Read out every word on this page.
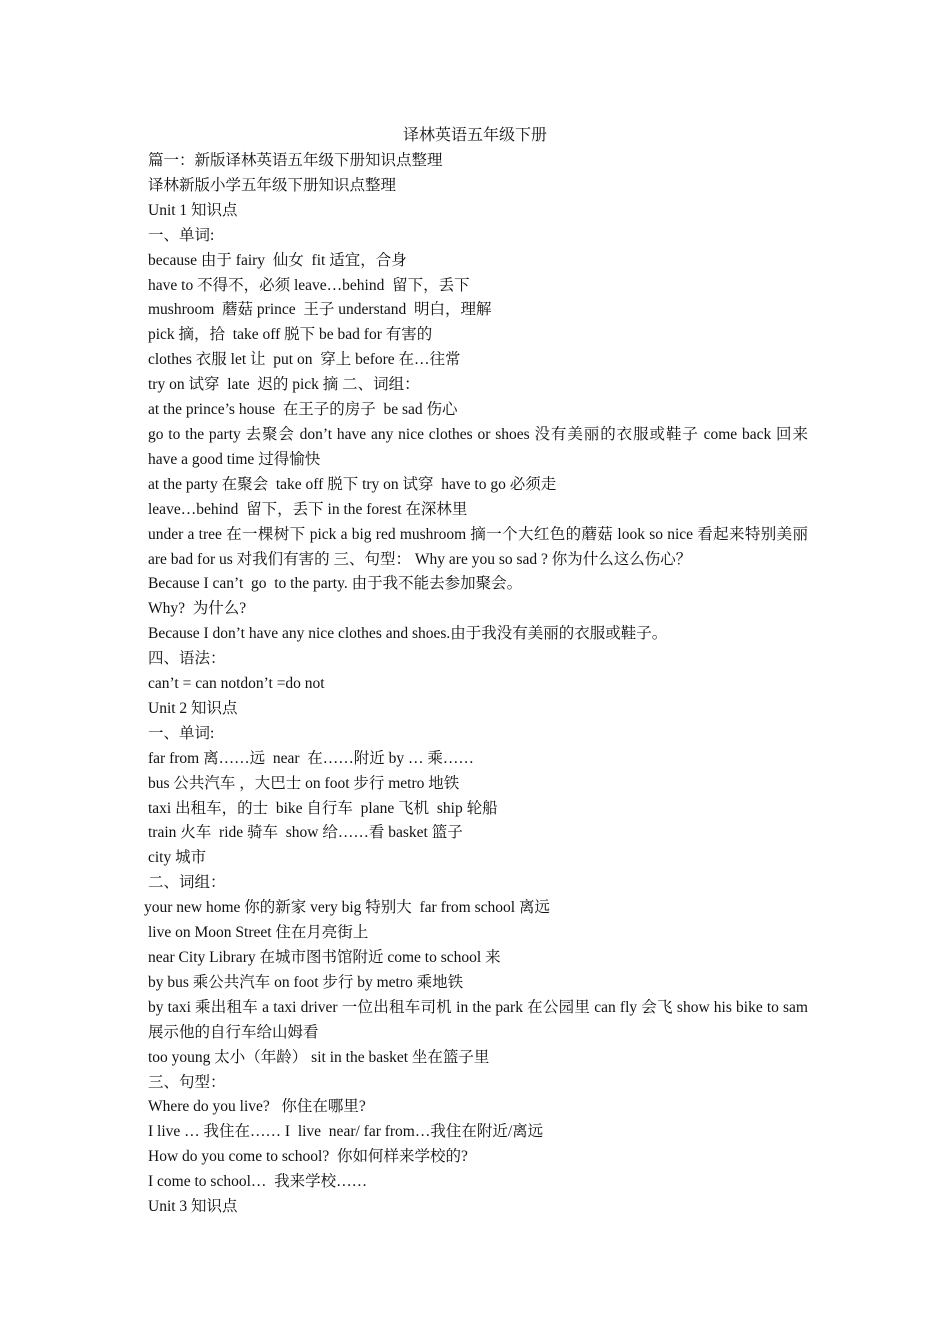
译林英语五年级下册

篇一：新版译林英语五年级下册知识点整理

译林新版小学五年级下册知识点整理

Unit 1 知识点

一、单词:

because 由于 fairy  仙女  fit 适宜，合身

have to 不得不，必须 leave…behind  留下，丢下

mushroom  蘑菇 prince  王子 understand  明白，理解

pick 摘，拾  take off 脱下 be bad for 有害的

clothes 衣服 let 让  put on  穿上 before 在…往常

try on 试穿  late  迟的 pick 摘 二、词组：

at the prince’s house  在王子的房子  be sad 伤心

go to the party 去聚会 don’t have any nice clothes or shoes 没有美丽的衣服或鞋子 come back 回来 have a good time 过得愉快

at the party 在聚会  take off 脱下 try on 试穿  have to go 必须走

leave…behind  留下，丢下 in the forest 在深林里

under a tree 在一棵树下 pick a big red mushroom 摘一个大红色的蘑菇 look so nice 看起来特别美丽 are bad for us 对我们有害的 三、句型： Why are you so sad ? 你为什么这么伤心？

Because I can’t  go  to the party. 由于我不能去参加聚会。

Why?  为什么?

Because I don’t have any nice clothes and shoes.由于我没有美丽的衣服或鞋子。

四、语法：

can’t = can notdon’t =do not

Unit 2 知识点

一、单词:

far from 离……远  near  在……附近 by … 乘……

bus 公共汽车 ，大巴士 on foot 步行 metro 地铁

taxi 出租车，的士  bike 自行车  plane 飞机  ship 轮船

train 火车  ride 骑车  show 给……看 basket 篮子

city 城市

二、词组：

your new home 你的新家 very big 特别大  far from school 离远

live on Moon Street 住在月亮街上

near City Library 在城市图书馆附近 come to school 来

by bus 乘公共汽车 on foot 步行 by metro 乘地铁

by taxi 乘出租车 a taxi driver 一位出租车司机 in the park 在公园里 can fly 会飞 show his bike to sam 展示他的自行车给山姆看

too young 太小（年龄） sit in the basket 坐在篮子里

三、句型：

Where do you live?   你住在哪里?

I live … 我住在…… I  live  near/ far from…我住在附近/离远

How do you come to school?  你如何样来学校的?

I come to school…  我来学校……

Unit 3 知识点
